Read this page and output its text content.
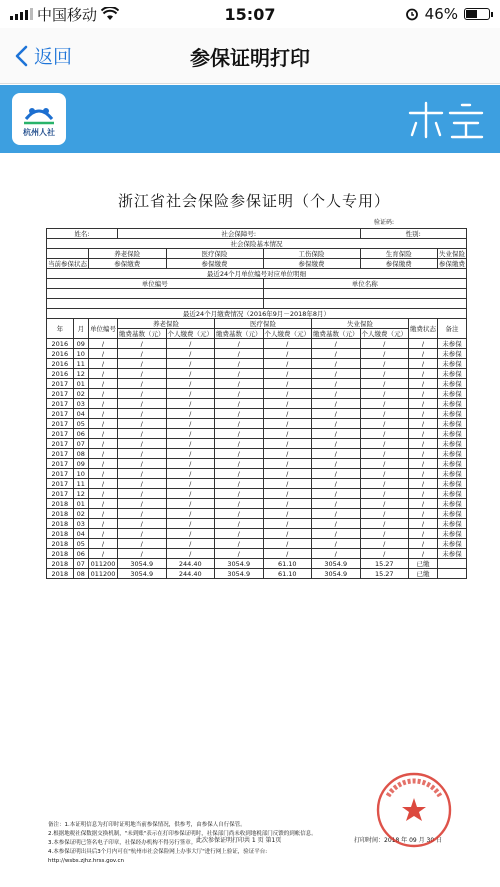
中国移动	15:07	46%
返回	参保证明打印
杭州人社
浙江省社会保险参保证明（个人专用）
验证码:
姓名:			社会保障号:					性别:		
社会保险基本情况										
		养老保险		医疗保险		工伤保险		生育保险		失业保险
当前参保状态		参保缴费		参保缴费		参保缴费		参保缴费		参保缴费
最近24个月单位编号对应单位明细										
单位编号						单位名称				

最近24个月缴费情况（2016年9月－2018年8月）										
年	月	单位编号	养老保险		医疗保险		失业保险		缴费状态	备注
			缴费基数（元）	个人缴费（元）	缴费基数（元）	个人缴费（元）	缴费基数（元）	个人缴费（元）		
2016	09	/	/	/	/	/	/	/	/	未参保
2016	10	/	/	/	/	/	/	/	/	未参保
2016	11	/	/	/	/	/	/	/	/	未参保
2016	12	/	/	/	/	/	/	/	/	未参保
2017	01	/	/	/	/	/	/	/	/	未参保
2017	02	/	/	/	/	/	/	/	/	未参保
2017	03	/	/	/	/	/	/	/	/	未参保
2017	04	/	/	/	/	/	/	/	/	未参保
2017	05	/	/	/	/	/	/	/	/	未参保
2017	06	/	/	/	/	/	/	/	/	未参保
2017	07	/	/	/	/	/	/	/	/	未参保
2017	08	/	/	/	/	/	/	/	/	未参保
2017	09	/	/	/	/	/	/	/	/	未参保
2017	10	/	/	/	/	/	/	/	/	未参保
2017	11	/	/	/	/	/	/	/	/	未参保
2017	12	/	/	/	/	/	/	/	/	未参保
2018	01	/	/	/	/	/	/	/	/	未参保
2018	02	/	/	/	/	/	/	/	/	未参保
2018	03	/	/	/	/	/	/	/	/	未参保
2018	04	/	/	/	/	/	/	/	/	未参保
2018	05	/	/	/	/	/	/	/	/	未参保
2018	06	/	/	/	/	/	/	/	/	未参保
2018	07	011200	3054.9	244.40	3054.9	61.10	3054.9	15.27	已缴	
2018	08	011200	3054.9	244.40	3054.9	61.10	3054.9	15.27	已缴	
备注：1.本证明信息为打印时证明地当前参保情况，供参考，由参保人自行保管。
2.根据地税社保数据交换机制，"未到账"表示在打印参保证明时，社保部门尚未收到地税部门反馈的到帐信息。
3.本参保证明已签名电子印章，社保经办机构不得另行签章。
4.本参保证明出具后3个月内可在"杭州市社会保险网上办事大厅"进行网上验证，验证平台:
http://wsbs.zjhz.hrss.gov.cn
此次参保证明打印共 1 页 第1页	打印时间：2018 年 09 月 30 日
